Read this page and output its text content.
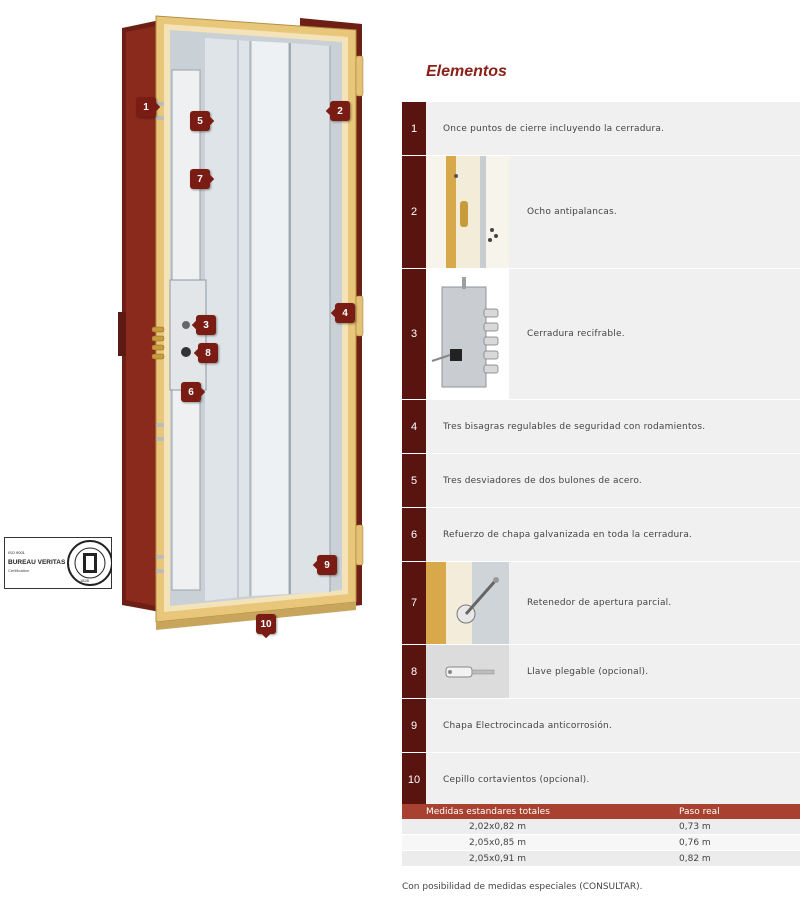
1	2
3
4
5
6
7
8
9
10
ISO 9001
BUREAU VERITAS
Certification
1828
Elementos
1	Once puntos de cierre incluyendo la cerradura.
2	Ocho antipalancas.
3	Cerradura recifrable.
4	Tres bisagras regulables de seguridad con rodamientos.
5	Tres desviadores de dos bulones de acero.
6	Refuerzo de chapa galvanizada en toda la cerradura.
7	Retenedor de apertura parcial.
8	Llave plegable (opcional).
9	Chapa Electrocincada anticorrosión.
10	Cepillo cortavientos (opcional).
Medidas estandares totales	Paso real
2,02x0,82 m	0,73 m
2,05x0,85 m	0,76 m
2,05x0,91 m	0,82 m
Con posibilidad de medidas especiales (CONSULTAR).
